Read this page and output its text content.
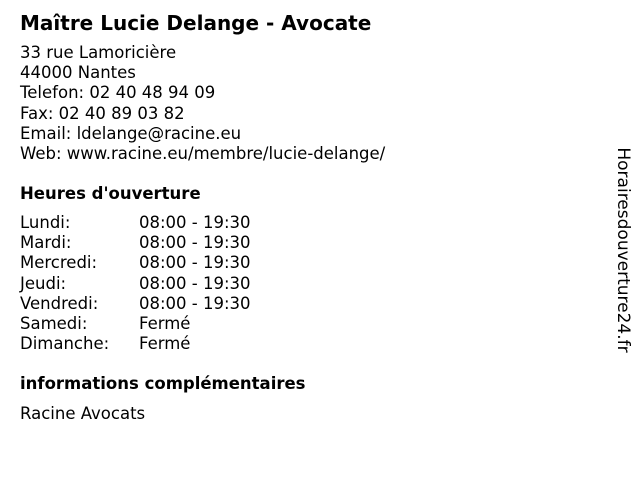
Maître Lucie Delange - Avocate
33 rue Lamoricière
44000 Nantes
Telefon: 02 40 48 94 09
Fax: 02 40 89 03 82
Email: ldelange@racine.eu
Web: www.racine.eu/membre/lucie-delange/
Heures d'ouverture
Lundi:	08:00 - 19:30
Mardi:	08:00 - 19:30
Mercredi:	08:00 - 19:30
Jeudi:	08:00 - 19:30
Vendredi: 08:00 - 19:30
Samedi:	Fermé
Dimanche: Fermé
informations complémentaires
Racine Avocats
Horairesdouverture24.fr
